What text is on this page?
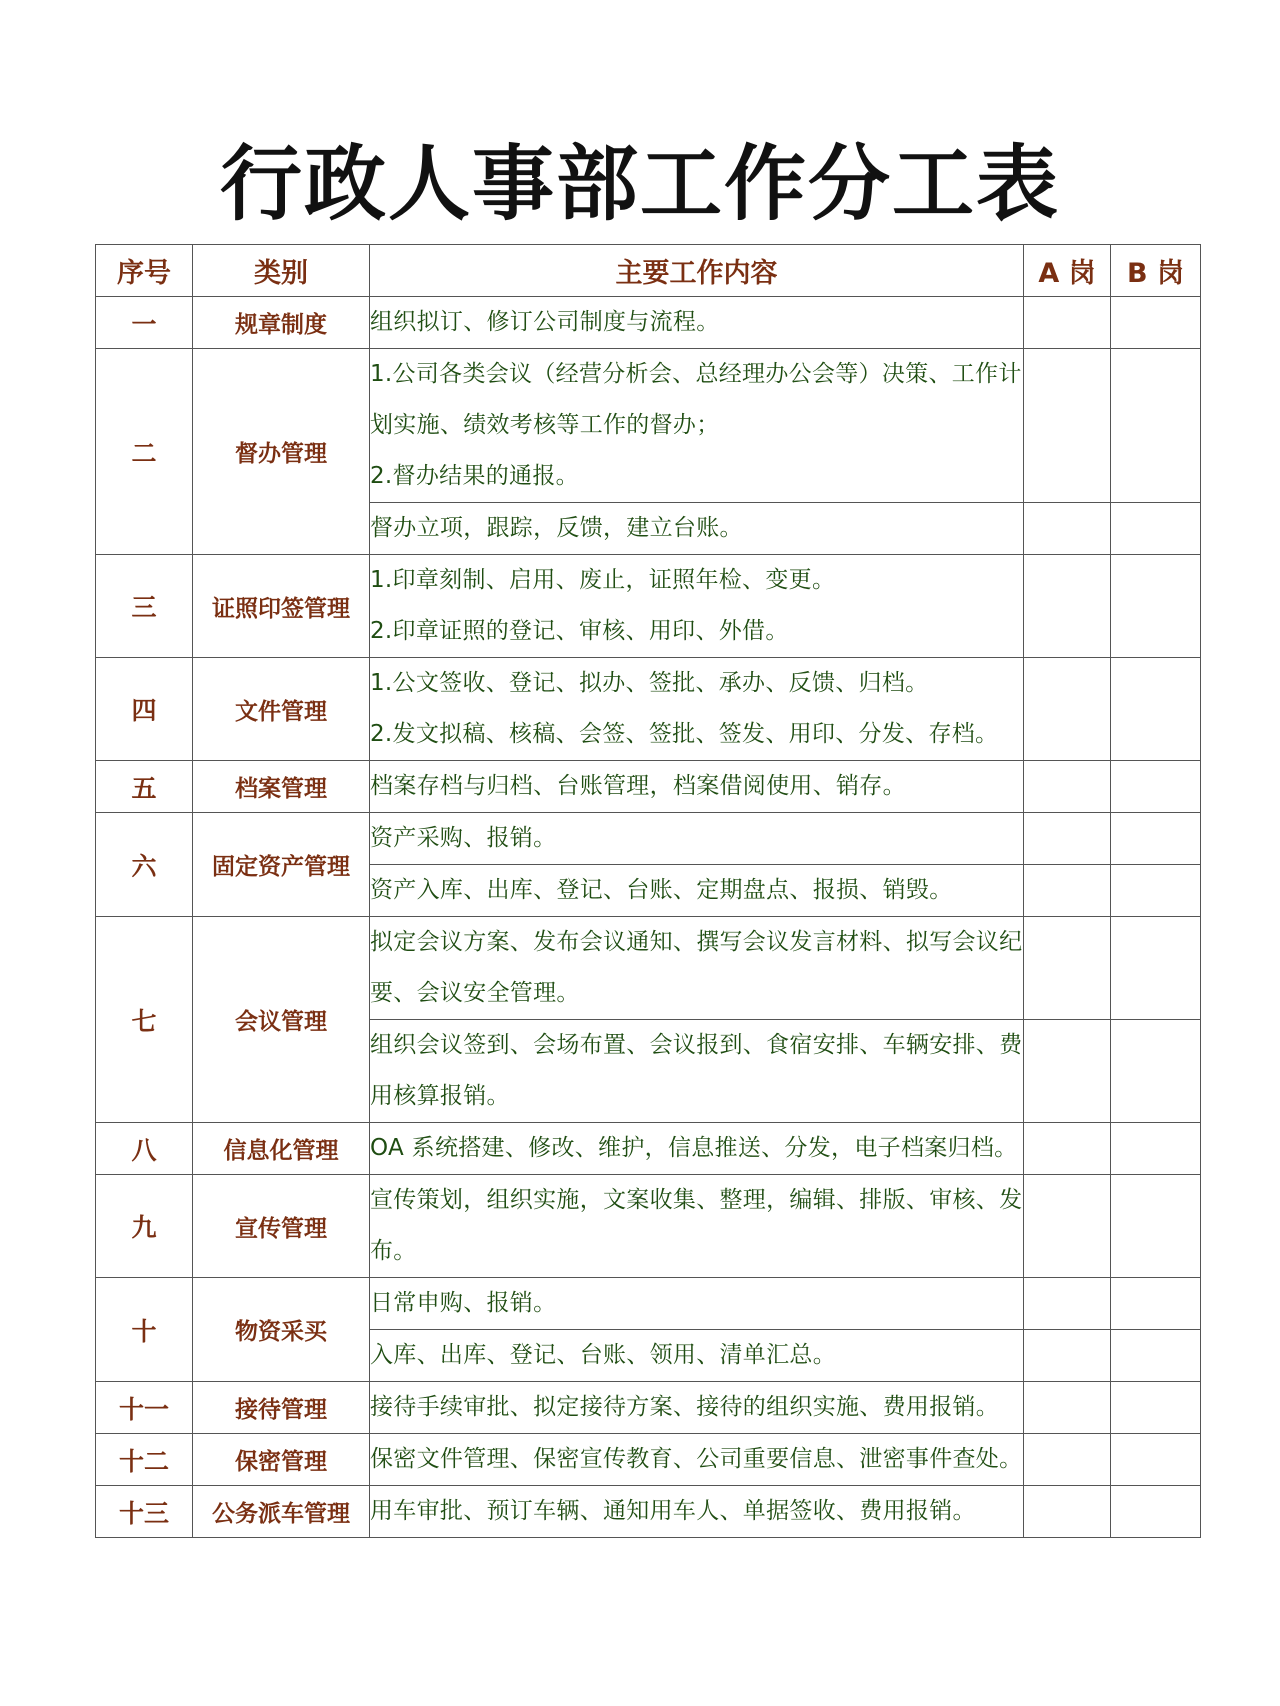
行政人事部工作分工表
序号	类别	主要工作内容	A 岗	B 岗
一	规章制度	组织拟订、修订公司制度与流程。		

二	督办管理	1.公司各类会议（经营分析会、总经理办公会等）决策、工作计划实施、绩效考核等工作的督办；
2.督办结果的通报。		

		督办立项，跟踪，反馈，建立台账。		

三	证照印签管理	1.印章刻制、启用、废止，证照年检、变更。
2.印章证照的登记、审核、用印、外借。		

四	文件管理	1.公文签收、登记、拟办、签批、承办、反馈、归档。
2.发文拟稿、核稿、会签、签批、签发、用印、分发、存档。		

五	档案管理	档案存档与归档、台账管理，档案借阅使用、销存。		

六	固定资产管理	资产采购、报销。		

		资产入库、出库、登记、台账、定期盘点、报损、销毁。		

七	会议管理	拟定会议方案、发布会议通知、撰写会议发言材料、拟写会议纪要、会议安全管理。		

		组织会议签到、会场布置、会议报到、食宿安排、车辆安排、费用核算报销。		

八	信息化管理	OA 系统搭建、修改、维护，信息推送、分发，电子档案归档。		

九	宣传管理	宣传策划，组织实施，文案收集、整理，编辑、排版、审核、发布。		

十	物资采买	日常申购、报销。		

		入库、出库、登记、台账、领用、清单汇总。		

十一	接待管理	接待手续审批、拟定接待方案、接待的组织实施、费用报销。		

十二	保密管理	保密文件管理、保密宣传教育、公司重要信息、泄密事件查处。		

十三	公务派车管理	用车审批、预订车辆、通知用车人、单据签收、费用报销。		
